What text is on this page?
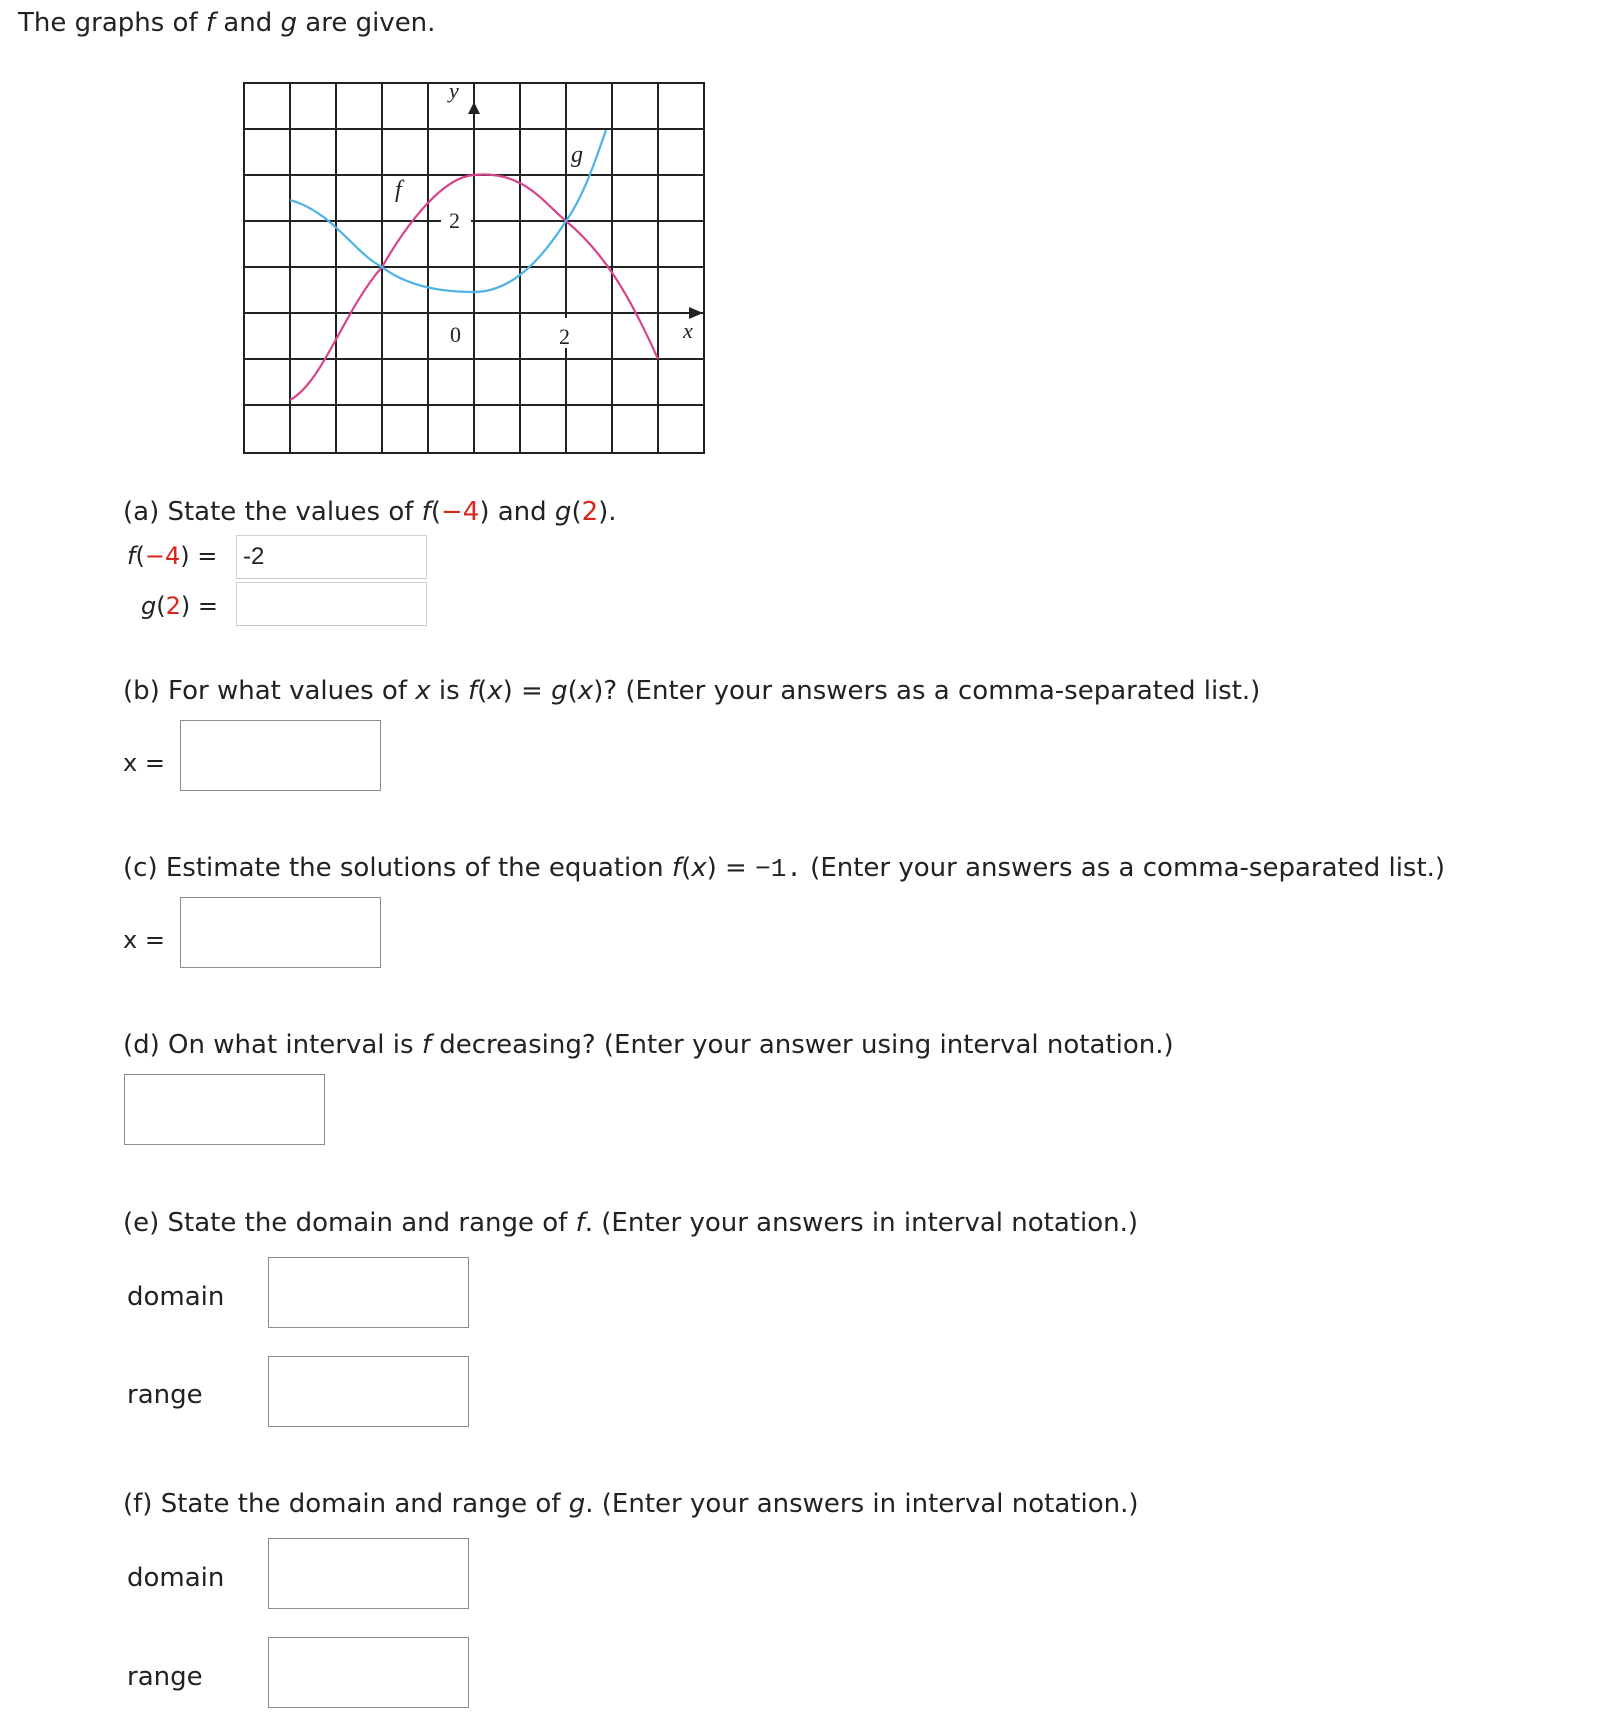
The graphs of f and g are given.
y
x
f
g
2
0	2
(a) State the values of f(−4) and g(2).
f(−4) =
-2
g(2) =
(b) For what values of x is f(x) = g(x)? (Enter your answers as a comma-separated list.)
x =
(c) Estimate the solutions of the equation f(x) = −1. (Enter your answers as a comma-separated list.)
x =
(d) On what interval is f decreasing? (Enter your answer using interval notation.)
(e) State the domain and range of f. (Enter your answers in interval notation.)
domain
range
(f) State the domain and range of g. (Enter your answers in interval notation.)
domain
range
